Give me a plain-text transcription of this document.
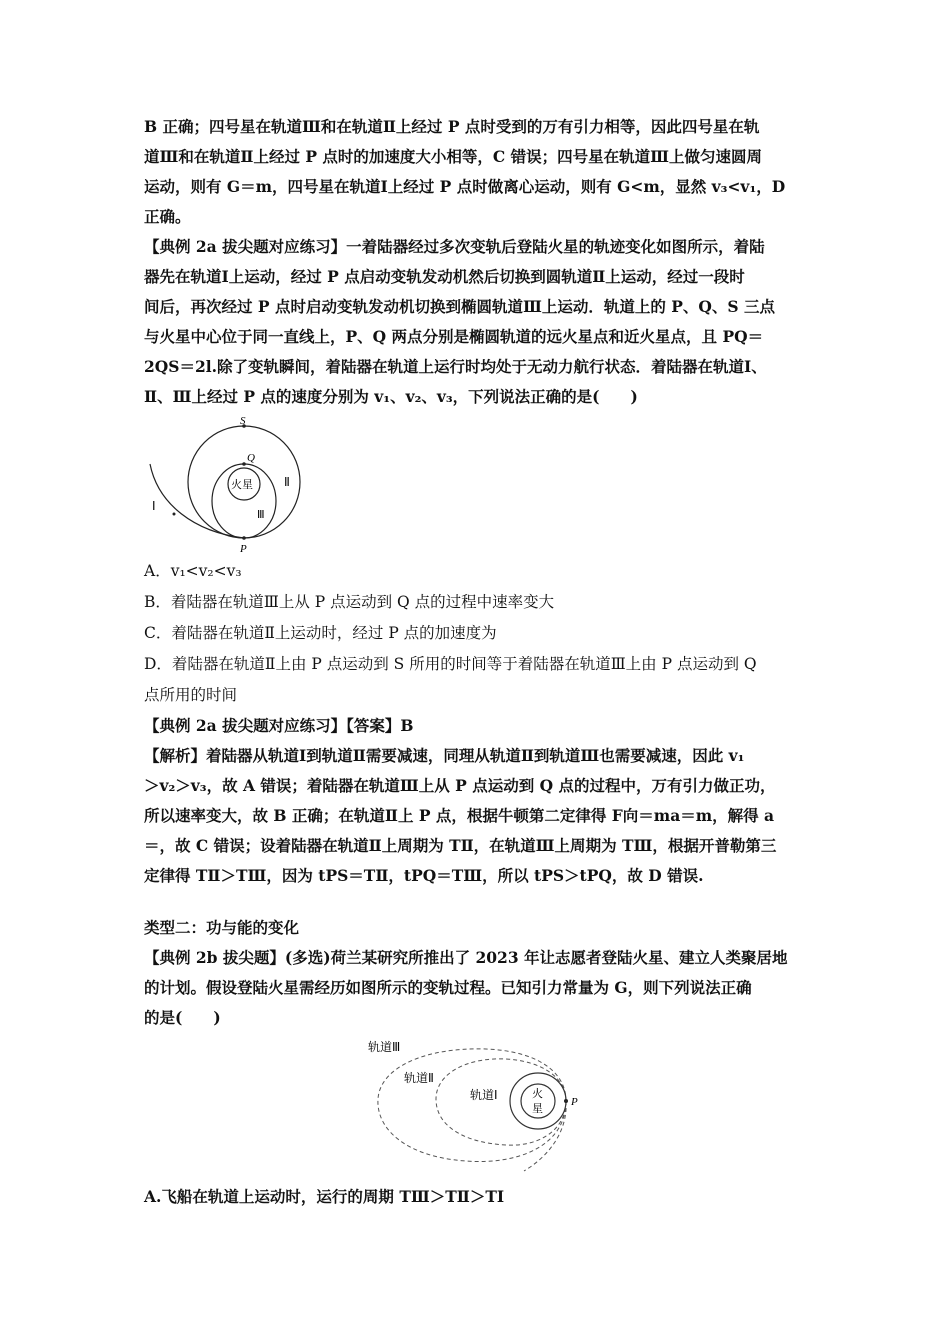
B 正确；四号星在轨道Ⅲ和在轨道Ⅱ上经过 P 点时受到的万有引力相等，因此四号星在轨
道Ⅲ和在轨道Ⅱ上经过 P 点时的加速度大小相等，C 错误；四号星在轨道Ⅲ上做匀速圆周
运动，则有 G＝m，四号星在轨道Ⅰ上经过 P 点时做离心运动，则有 G<m，显然 v₃<v₁，D
正确。
【典例 2a 拔尖题对应练习】一着陆器经过多次变轨后登陆火星的轨迹变化如图所示，着陆
器先在轨道Ⅰ上运动，经过 P 点启动变轨发动机然后切换到圆轨道Ⅱ上运动，经过一段时
间后，再次经过 P 点时启动变轨发动机切换到椭圆轨道Ⅲ上运动．轨道上的 P、Q、S 三点
与火星中心位于同一直线上，P、Q 两点分别是椭圆轨道的远火星点和近火星点，且 PQ＝
2QS＝2l.除了变轨瞬间，着陆器在轨道上运行时均处于无动力航行状态．着陆器在轨道Ⅰ、
Ⅱ、Ⅲ上经过 P 点的速度分别为 v₁、v₂、v₃，下列说法正确的是(　　)
S
Q
P
Ⅰ
Ⅱ
Ⅲ
火星
A．v₁<v₂<v₃
B．着陆器在轨道Ⅲ上从 P 点运动到 Q 点的过程中速率变大
C．着陆器在轨道Ⅱ上运动时，经过 P 点的加速度为
D．着陆器在轨道Ⅱ上由 P 点运动到 S 所用的时间等于着陆器在轨道Ⅲ上由 P 点运动到 Q
点所用的时间
【典例 2a 拔尖题对应练习】【答案】B
【解析】着陆器从轨道Ⅰ到轨道Ⅱ需要减速，同理从轨道Ⅱ到轨道Ⅲ也需要减速，因此 v₁
＞v₂＞v₃，故 A 错误；着陆器在轨道Ⅲ上从 P 点运动到 Q 点的过程中，万有引力做正功，
所以速率变大，故 B 正确；在轨道Ⅱ上 P 点，根据牛顿第二定律得 F向＝ma＝m，解得 a
＝，故 C 错误；设着陆器在轨道Ⅱ上周期为 TⅡ，在轨道Ⅲ上周期为 TⅢ，根据开普勒第三
定律得 TⅡ＞TⅢ，因为 tPS＝TⅡ，tPQ＝TⅢ，所以 tPS＞tPQ，故 D 错误.
类型二：功与能的变化
【典例 2b 拔尖题】(多选)荷兰某研究所推出了 2023 年让志愿者登陆火星、建立人类聚居地
的计划。假设登陆火星需经历如图所示的变轨过程。已知引力常量为 G，则下列说法正确
的是(　　)
轨道Ⅲ
轨道Ⅱ
轨道Ⅰ	火
星	P
A.飞船在轨道上运动时，运行的周期 TⅢ＞TⅡ＞TⅠ
